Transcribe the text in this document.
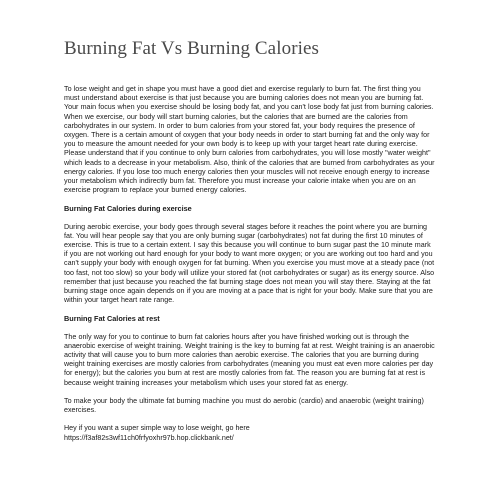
Burning Fat Vs Burning Calories

To lose weight and get in shape you must have a good diet and exercise regularly to burn fat. The first thing you must understand about exercise is that just because you are burning calories does not mean you are burning fat. Your main focus when you exercise should be losing body fat, and you can't lose body fat just from burning calories. When we exercise, our body will start burning calories, but the calories that are burned are the calories from carbohydrates in our system. In order to burn calories from your stored fat, your body requires the presence of oxygen. There is a certain amount of oxygen that your body needs in order to start burning fat and the only way for you to measure the amount needed for your own body is to keep up with your target heart rate during exercise. Please understand that if you continue to only burn calories from carbohydrates, you will lose mostly "water weight" which leads to a decrease in your metabolism. Also, think of the calories that are burned from carbohydrates as your energy calories. If you lose too much energy calories then your muscles will not receive enough energy to increase your metabolism which indirectly burn fat. Therefore you must increase your calorie intake when you are on an exercise program to replace your burned energy calories.

Burning Fat Calories during exercise

During aerobic exercise, your body goes through several stages before it reaches the point where you are burning fat. You will hear people say that you are only burning sugar (carbohydrates) not fat during the first 10 minutes of exercise. This is true to a certain extent. I say this because you will continue to burn sugar past the 10 minute mark if you are not working out hard enough for your body to want more oxygen; or you are working out too hard and you can't supply your body with enough oxygen for fat burning. When you exercise you must move at a steady pace (not too fast, not too slow) so your body will utilize your stored fat (not carbohydrates or sugar) as its energy source. Also remember that just because you reached the fat burning stage does not mean you will stay there. Staying at the fat burning stage once again depends on if you are moving at a pace that is right for your body. Make sure that you are within your target heart rate range.

Burning Fat Calories at rest

The only way for you to continue to burn fat calories hours after you have finished working out is through the anaerobic exercise of weight training. Weight training is the key to burning fat at rest. Weight training is an anaerobic activity that will cause you to burn more calories than aerobic exercise. The calories that you are burning during weight training exercises are mostly calories from carbohydrates (meaning you must eat even more calories per day for energy); but the calories you burn at rest are mostly calories from fat. The reason you are burning fat at rest is because weight training increases your metabolism which uses your stored fat as energy.

To make your body the ultimate fat burning machine you must do aerobic (cardio) and anaerobic (weight training) exercises.

Hey if you want a super simple way to lose weight, go here
https://f3af82s3wf11ch0frfyoxhr97b.hop.clickbank.net/
